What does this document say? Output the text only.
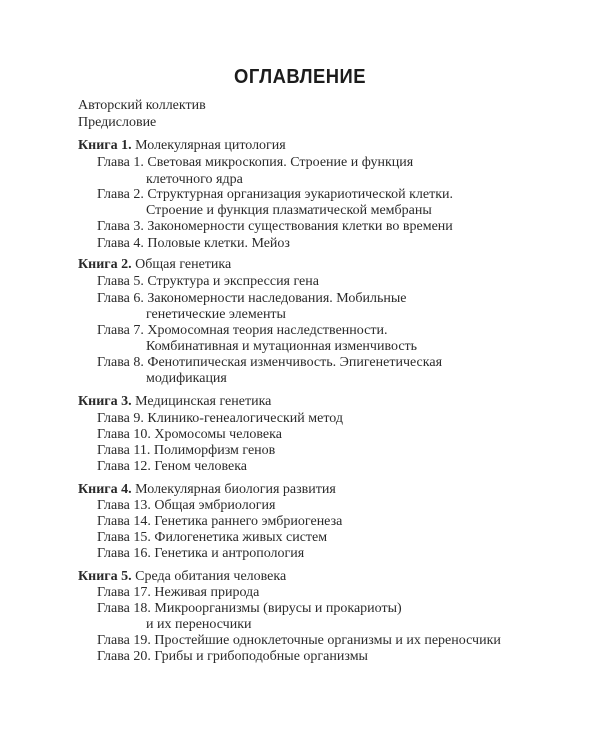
ОГЛАВЛЕНИЕ
Авторский коллектив
Предисловие
Книга 1. Молекулярная цитология
Глава 1. Световая микроскопия. Строение и функция
клеточного ядра
Глава 2. Структурная организация эукариотической клетки.
Строение и функция плазматической мембраны
Глава 3. Закономерности существования клетки во времени
Глава 4. Половые клетки. Мейоз
Книга 2. Общая генетика
Глава 5. Структура и экспрессия гена
Глава 6. Закономерности наследования. Мобильные
генетические элементы
Глава 7. Хромосомная теория наследственности.
Комбинативная и мутационная изменчивость
Глава 8. Фенотипическая изменчивость. Эпигенетическая
модификация
Книга 3. Медицинская генетика
Глава 9. Клинико-генеалогический метод
Глава 10. Хромосомы человека
Глава 11. Полиморфизм генов
Глава 12. Геном человека
Книга 4. Молекулярная биология развития
Глава 13. Общая эмбриология
Глава 14. Генетика раннего эмбриогенеза
Глава 15. Филогенетика живых систем
Глава 16. Генетика и антропология
Книга 5. Среда обитания человека
Глава 17. Неживая природа
Глава 18. Микроорганизмы (вирусы и прокариоты)
и их переносчики
Глава 19. Простейшие одноклеточные организмы и их переносчики
Глава 20. Грибы и грибоподобные организмы
